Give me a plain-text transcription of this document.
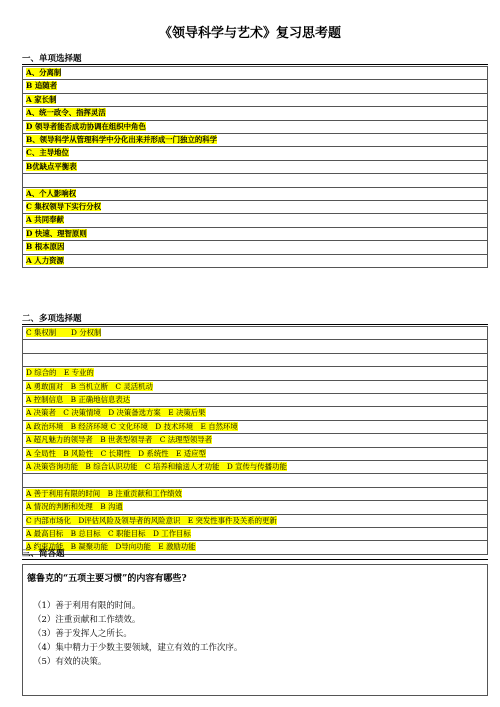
《领导科学与艺术》复习思考题
一、单项选择题
A、分离制
B 追随者
A 家长制
A、统一政令、指挥灵活
D 领导者能否成功协调在组织中角色
B、领导科学从管理科学中分化出来并形成一门独立的科学
C、主导地位
B优缺点平衡表

A、个人影响权
C 集权领导下实行分权
A 共同奉献
D 快速、理智原则
B 根本原因
A 人力资源
二、多项选择题
C 集权制　　D 分权制

D 综合的　E 专业的
A 勇敢面对　B 当机立断　C 灵活机动
A 控制信息　B 正确地信息表达
A 决策者　C 决策情境　D 决策备选方案　E 决策后果
A 政治环境　B 经济环境 C 文化环境　D 技术环境　E 自然环境
A 超凡魅力的领导者　B 世袭型领导者　C 法理型领导者
A 全局性　B 风险性　C 长期性　D 系统性　E 适应型
A 决策咨询功能　B 综合认识功能　C 培养和输送人才功能　D 宣传与传播功能

A 善于利用有限的时间　B 注重贡献和工作绩效
A 情况的判断和处理　B 沟通
C 内部市场化　D评估风险及领导者的风险意识　E 突发性事件及关系的更新
A 最高目标　B 总目标　C 职能目标　D 工作目标
A 约束功能　B 凝聚功能　D导向功能　E 激励功能
三、简答题
德鲁克的“五项主要习惯”的内容有哪些?
（1）善于利用有限的时间。
（2）注重贡献和工作绩效。
（3）善于发挥人之所长。
（4）集中精力于少数主要领域，建立有效的工作次序。
（5）有效的决策。
